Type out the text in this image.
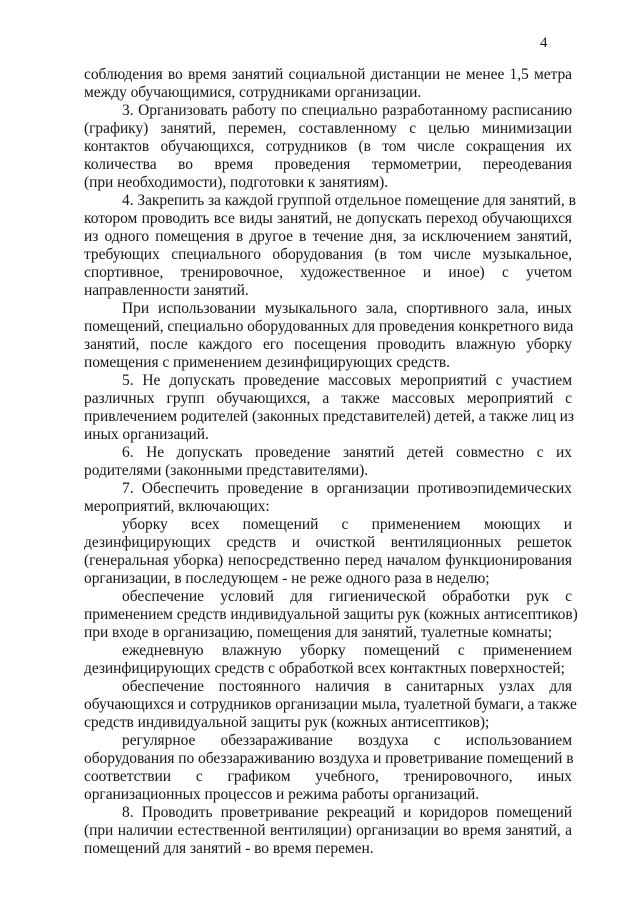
4

соблюдения во время занятий социальной дистанции не менее 1,5 метра
между обучающимися, сотрудниками организации.

3. Организовать работу по специально разработанному расписанию
(графику) занятий, перемен, составленному с целью минимизации
контактов обучающихся, сотрудников (в том числе сокращения их
количества во время проведения термометрии, переодевания
(при необходимости), подготовки к занятиям).

4. Закрепить за каждой группой отдельное помещение для занятий, в
котором проводить все виды занятий, не допускать переход обучающихся
из одного помещения в другое в течение дня, за исключением занятий,
требующих специального оборудования (в том числе музыкальное,
спортивное, тренировочное, художественное и иное) с учетом
направленности занятий.

При использовании музыкального зала, спортивного зала, иных
помещений, специально оборудованных для проведения конкретного вида
занятий, после каждого его посещения проводить влажную уборку
помещения с применением дезинфицирующих средств.

5. Не допускать проведение массовых мероприятий с участием
различных групп обучающихся, а также массовых мероприятий с
привлечением родителей (законных представителей) детей, а также лиц из
иных организаций.

6. Не допускать проведение занятий детей совместно с их
родителями (законными представителями).

7. Обеспечить проведение в организации противоэпидемических
мероприятий, включающих:

уборку всех помещений с применением моющих и
дезинфицирующих средств и очисткой вентиляционных решеток
(генеральная уборка) непосредственно перед началом функционирования
организации, в последующем - не реже одного раза в неделю;

обеспечение условий для гигиенической обработки рук с
применением средств индивидуальной защиты рук (кожных антисептиков)
при входе в организацию, помещения для занятий, туалетные комнаты;

ежедневную влажную уборку помещений с применением
дезинфицирующих средств с обработкой всех контактных поверхностей;

обеспечение постоянного наличия в санитарных узлах для
обучающихся и сотрудников организации мыла, туалетной бумаги, а также
средств индивидуальной защиты рук (кожных антисептиков);

регулярное обеззараживание воздуха с использованием
оборудования по обеззараживанию воздуха и проветривание помещений в
соответствии с графиком учебного, тренировочного, иных
организационных процессов и режима работы организаций.

8. Проводить проветривание рекреаций и коридоров помещений
(при наличии естественной вентиляции) организации во время занятий, а
помещений для занятий - во время перемен.
